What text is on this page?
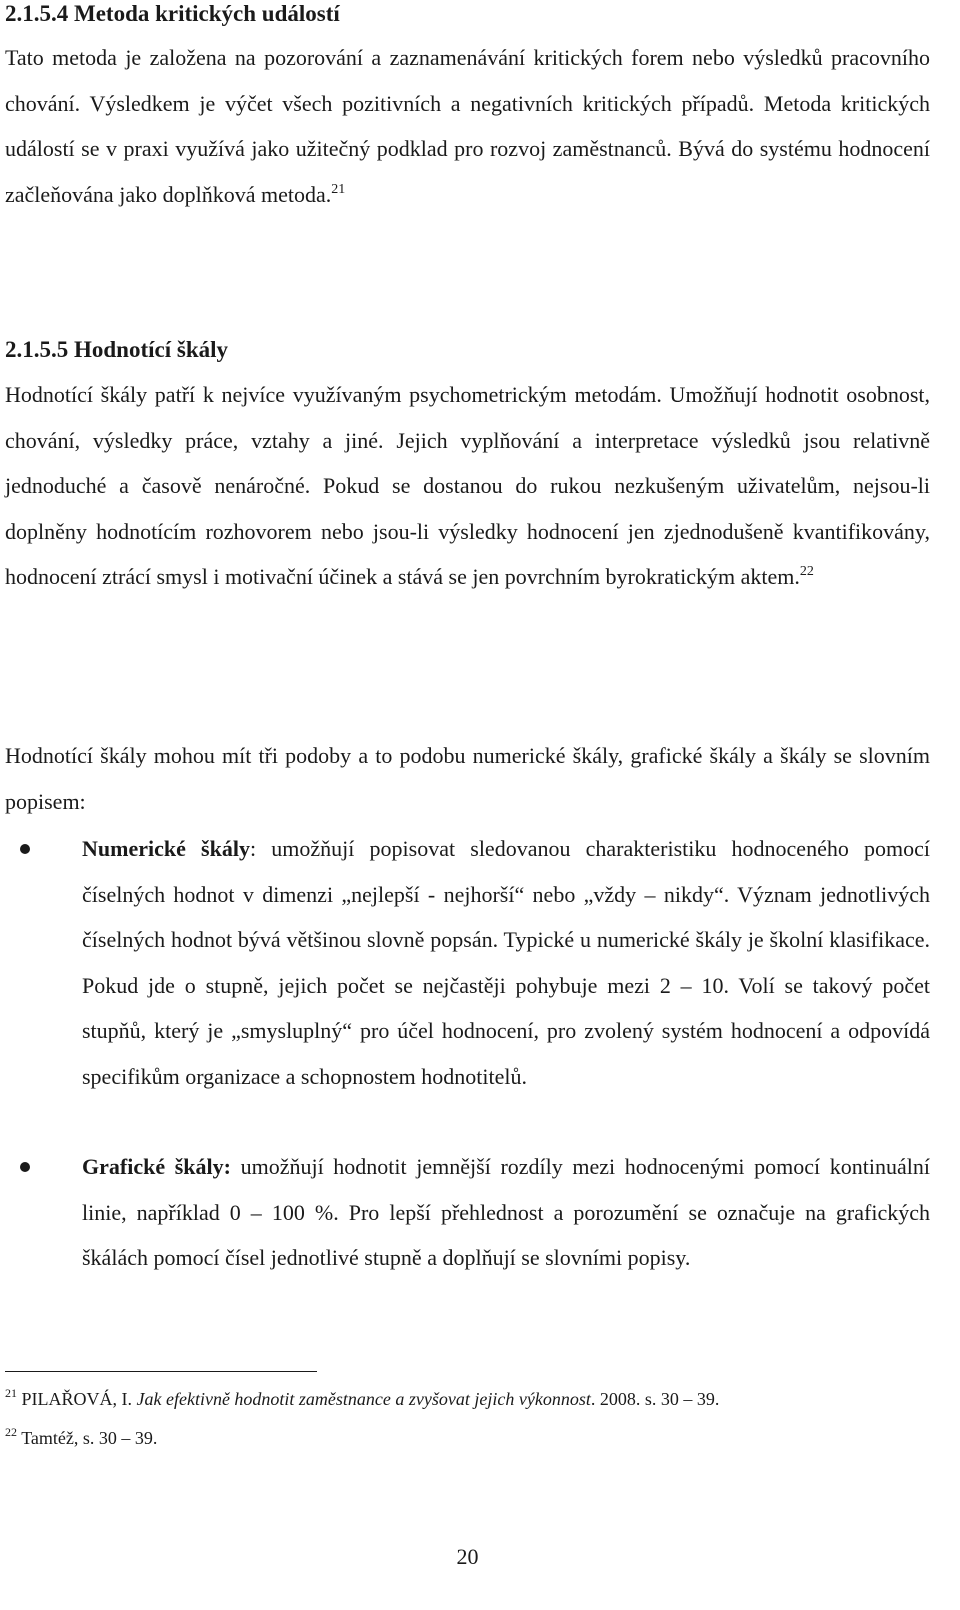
2.1.5.4 Metoda kritických událostí

Tato metoda je založena na pozorování a zaznamenávání kritických forem nebo výsledků pracovního chování. Výsledkem je výčet všech pozitivních a negativních kritických případů. Metoda kritických událostí se v praxi využívá jako užitečný podklad pro rozvoj zaměstnanců. Bývá do systému hodnocení začleňována jako doplňková metoda.$^{21}$

2.1.5.5 Hodnotící škály

Hodnotící škály patří k nejvíce využívaným psychometrickým metodám. Umožňují hodnotit osobnost, chování, výsledky práce, vztahy a jiné. Jejich vyplňování a interpretace výsledků jsou relativně jednoduché a časově nenáročné. Pokud se dostanou do rukou nezkušeným uživatelům, nejsou-li doplněny hodnotícím rozhovorem nebo jsou-li výsledky hodnocení jen zjednodušeně kvantifikovány, hodnocení ztrácí smysl i motivační účinek a stává se jen povrchním byrokratickým aktem.$^{22}$

Hodnotící škály mohou mít tři podoby a to podobu numerické škály, grafické škály a škály se slovním popisem:

Numerické škály: umožňují popisovat sledovanou charakteristiku hodnoceného pomocí číselných hodnot v dimenzi „nejlepší - nejhorší“ nebo „vždy – nikdy“. Význam jednotlivých číselných hodnot bývá většinou slovně popsán. Typické u numerické škály je školní klasifikace. Pokud jde o stupně, jejich počet se nejčastěji pohybuje mezi 2 – 10. Volí se takový počet stupňů, který je „smysluplný“ pro účel hodnocení, pro zvolený systém hodnocení a odpovídá specifikům organizace a schopnostem hodnotitelů.

Grafické škály: umožňují hodnotit jemnější rozdíly mezi hodnocenými pomocí kontinuální linie, například 0 – 100 %. Pro lepší přehlednost a porozumění se označuje na grafických škálách pomocí čísel jednotlivé stupně a doplňují se slovními popisy.

$^{21}$ PILAŘOVÁ, I. Jak efektivně hodnotit zaměstnance a zvyšovat jejich výkonnost. 2008. s. 30 – 39.

$^{22}$ Tamtéž, s. 30 – 39.

20
